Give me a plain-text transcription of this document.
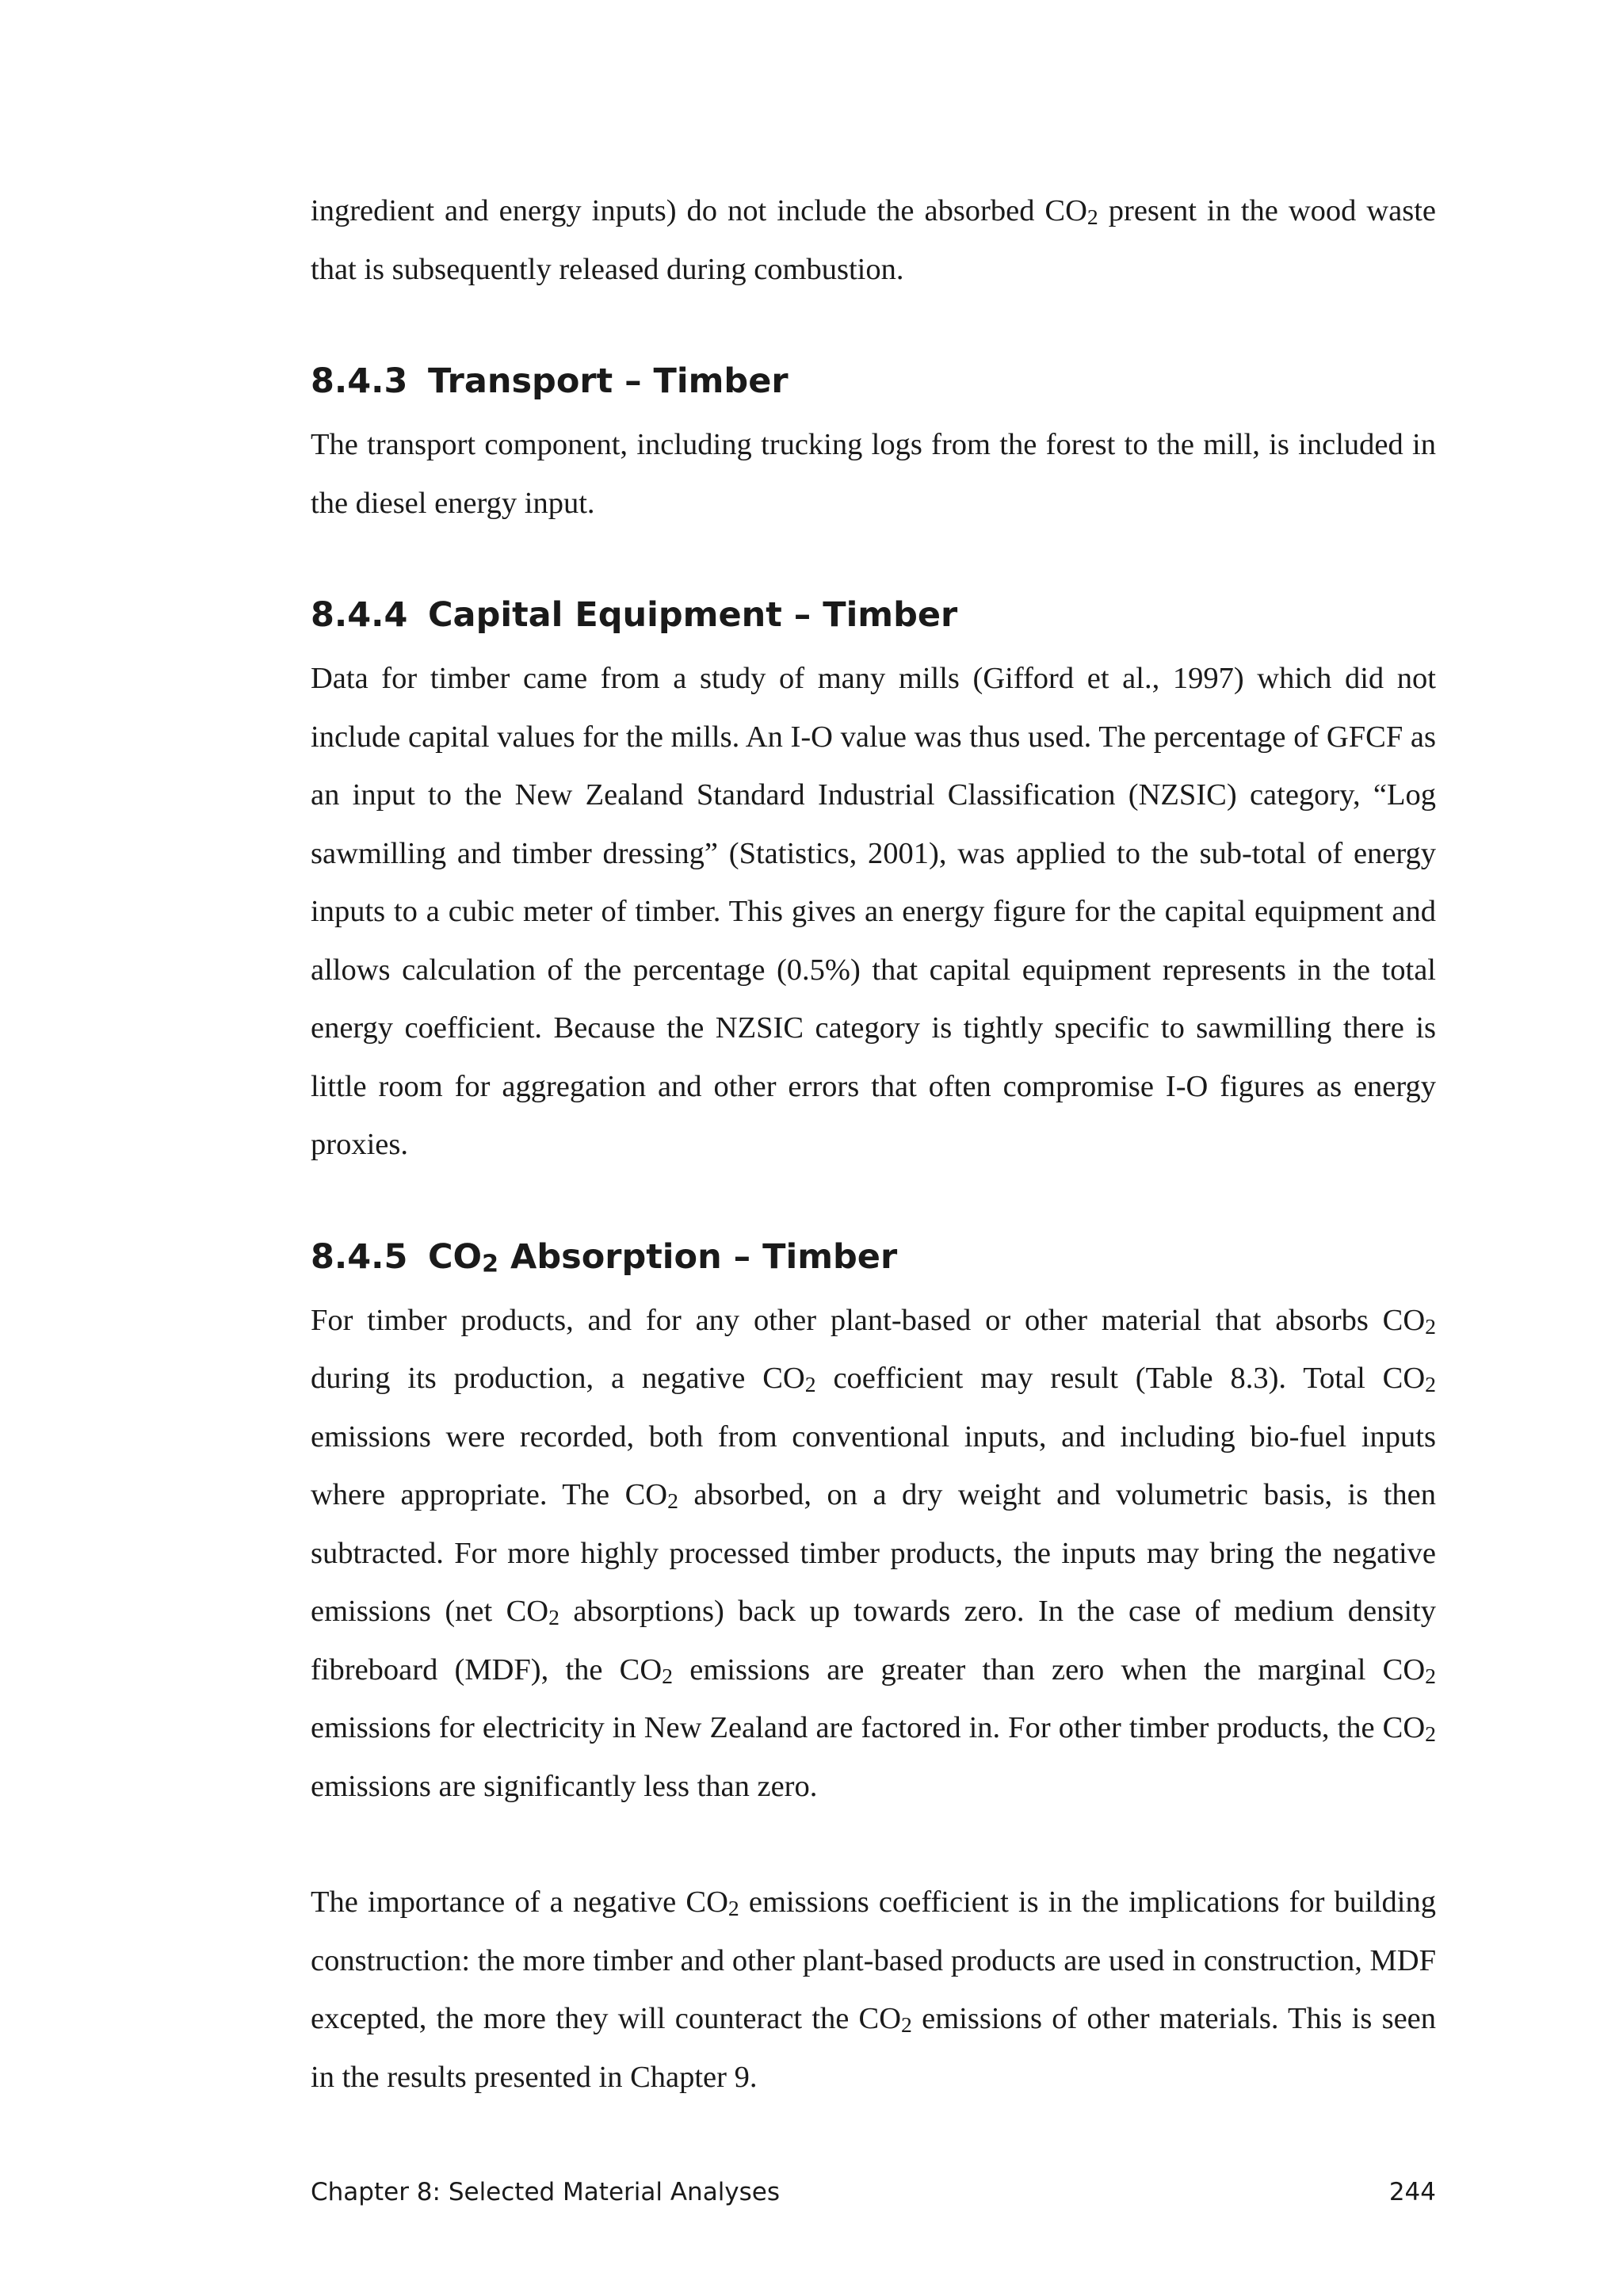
ingredient and energy inputs) do not include the absorbed $CO_2$ present in the wood waste that is subsequently released during combustion.

8.4.3 Transport – Timber

The transport component, including trucking logs from the forest to the mill, is included in the diesel energy input.

8.4.4 Capital Equipment – Timber

Data for timber came from a study of many mills (Gifford et al., 1997) which did not include capital values for the mills. An I-O value was thus used. The percentage of GFCF as an input to the New Zealand Standard Industrial Classification (NZSIC) category, “Log sawmilling and timber dressing” (Statistics, 2001), was applied to the sub-total of energy inputs to a cubic meter of timber. This gives an energy figure for the capital equipment and allows calculation of the percentage (0.5%) that capital equipment represents in the total energy coefficient. Because the NZSIC category is tightly specific to sawmilling there is little room for aggregation and other errors that often compromise I-O figures as energy proxies.

8.4.5 $CO_2$ Absorption – Timber

For timber products, and for any other plant-based or other material that absorbs $CO_2$ during its production, a negative $CO_2$ coefficient may result (Table 8.3). Total $CO_2$ emissions were recorded, both from conventional inputs, and including bio-fuel inputs where appropriate. The $CO_2$ absorbed, on a dry weight and volumetric basis, is then subtracted. For more highly processed timber products, the inputs may bring the negative emissions (net $CO_2$ absorptions) back up towards zero. In the case of medium density fibreboard (MDF), the $CO_2$ emissions are greater than zero when the marginal $CO_2$ emissions for electricity in New Zealand are factored in. For other timber products, the $CO_2$ emissions are significantly less than zero.

The importance of a negative $CO_2$ emissions coefficient is in the implications for building construction: the more timber and other plant-based products are used in construction, MDF excepted, the more they will counteract the $CO_2$ emissions of other materials. This is seen in the results presented in Chapter 9.

Chapter 8: Selected Material Analyses	244
